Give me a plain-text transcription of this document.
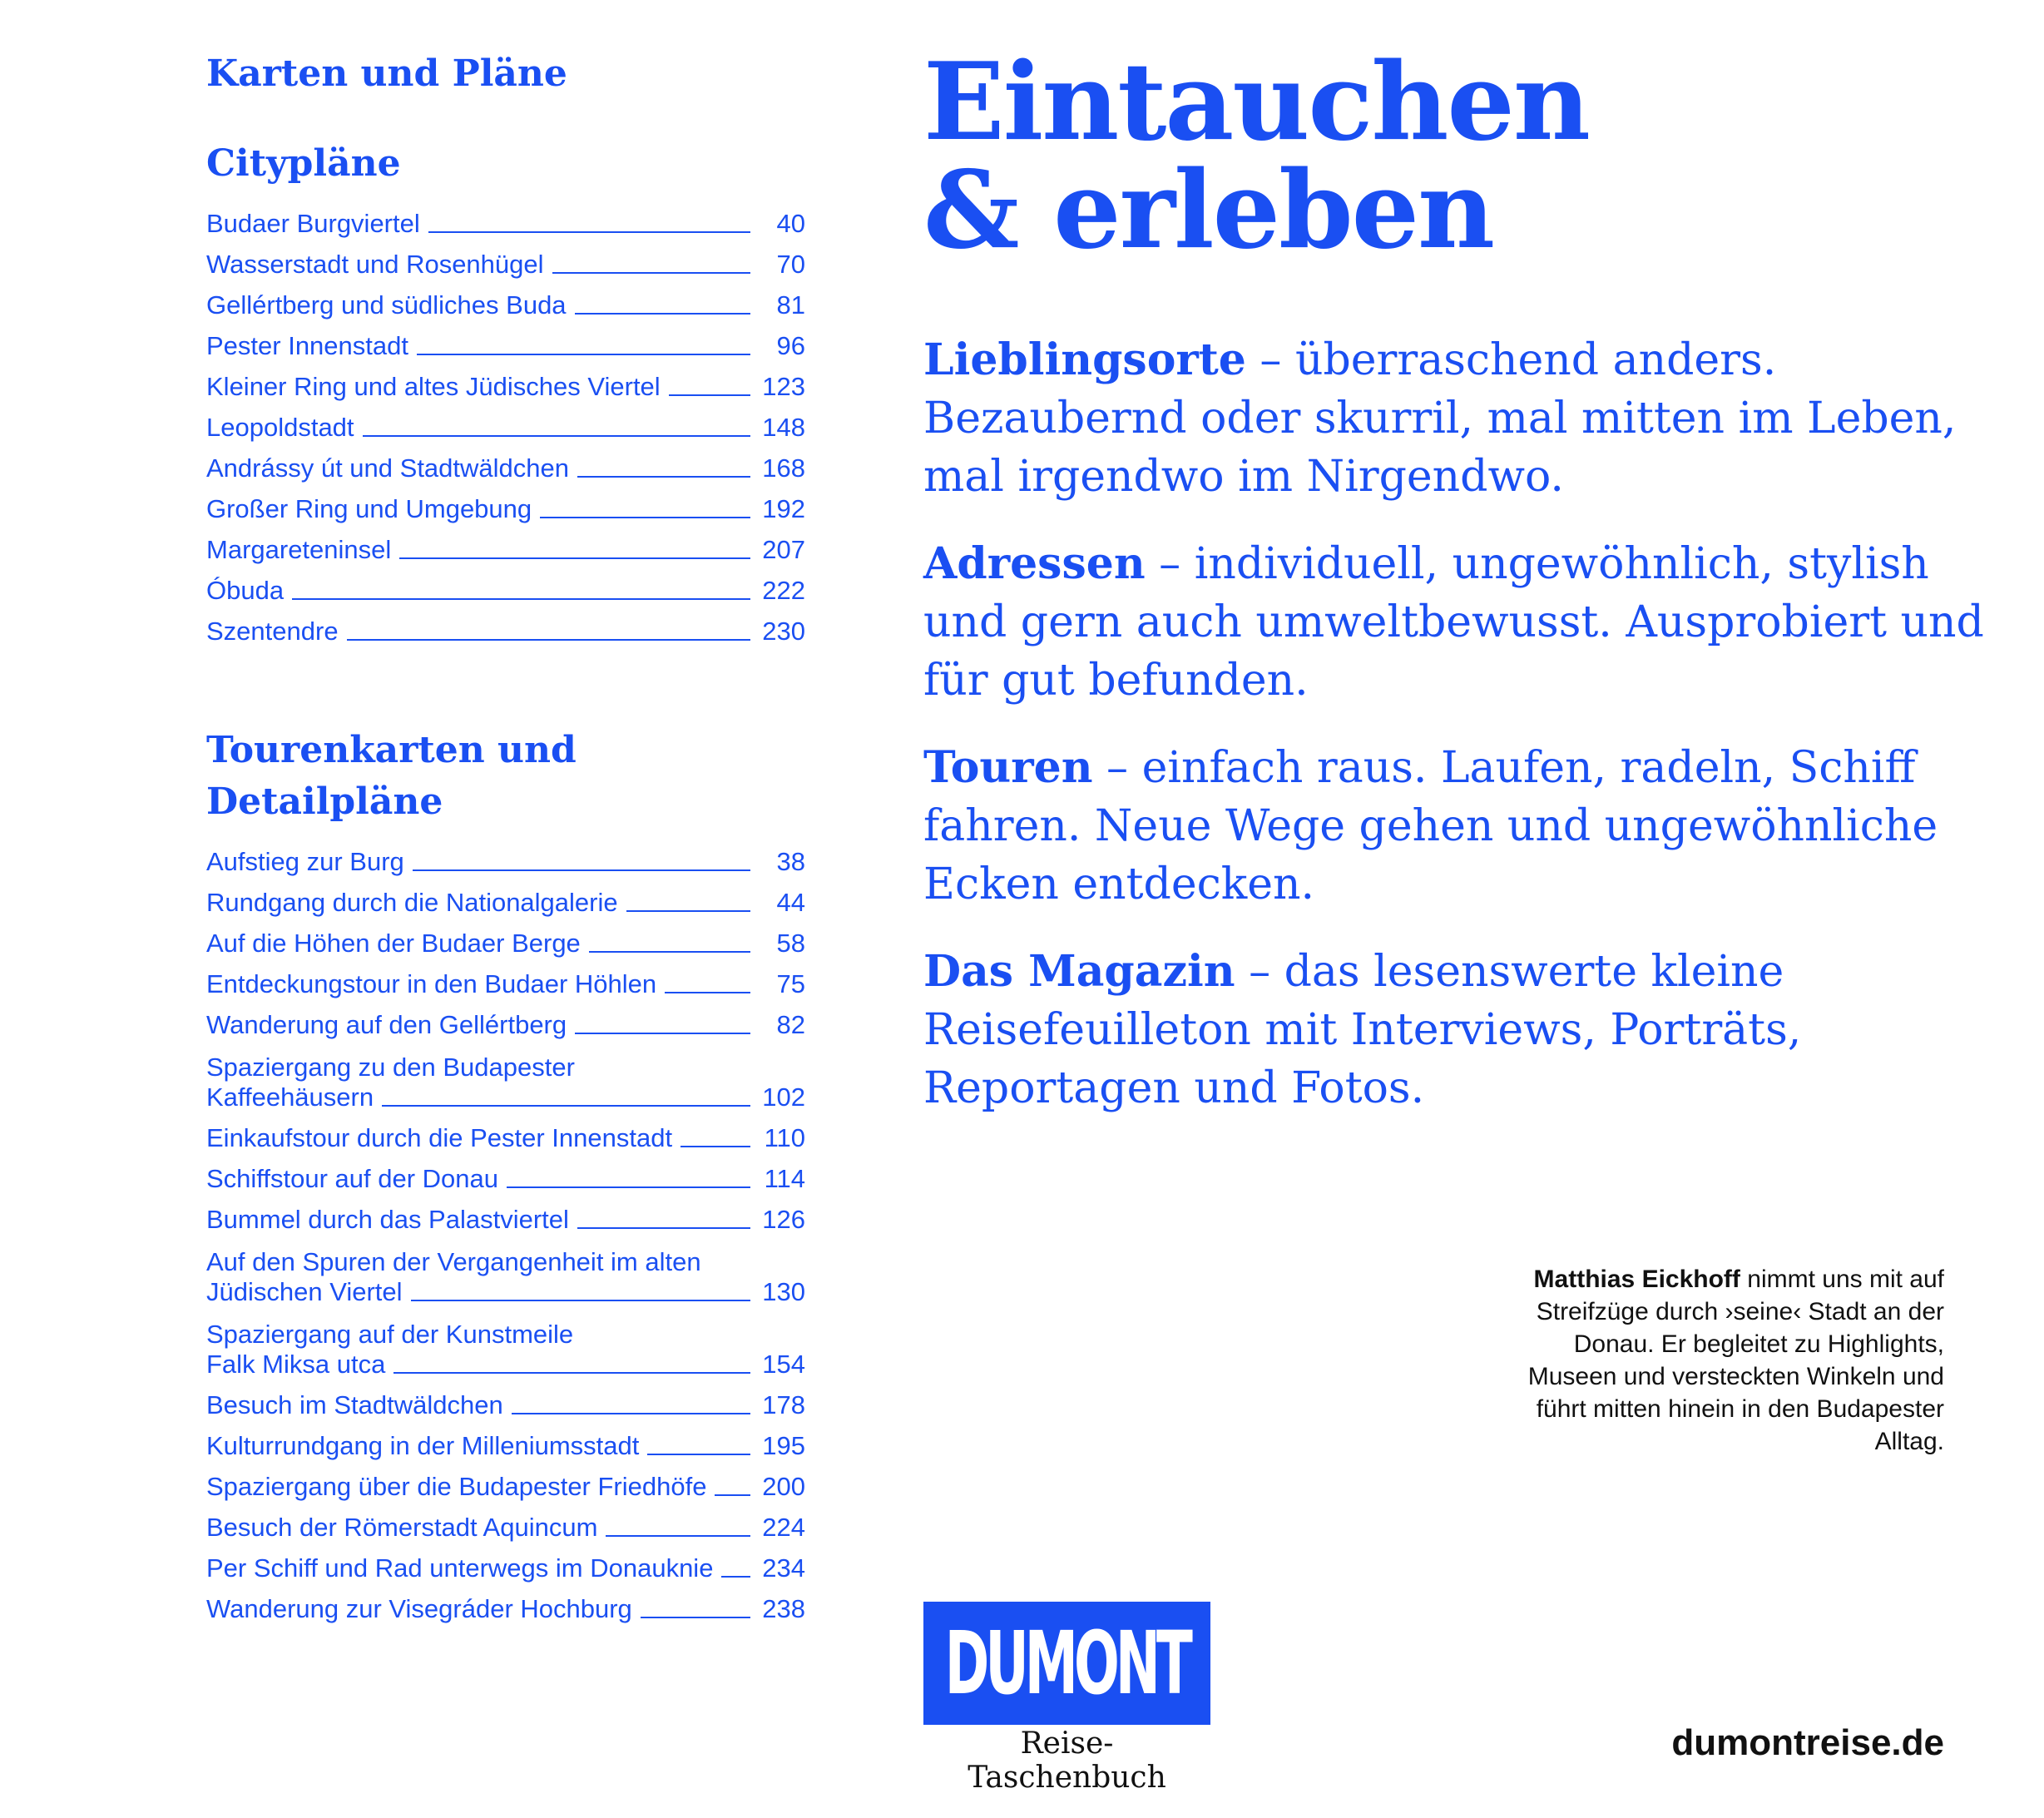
Karten und Pläne
Citypläne
Budaer Burgviertel	40
Wasserstadt und Rosenhügel	70
Gellértberg und südliches Buda	81
Pester Innenstadt	96
Kleiner Ring und altes Jüdisches Viertel	123
Leopoldstadt	148
Andrássy út und Stadtwäldchen	168
Großer Ring und Umgebung	192
Margareteninsel	207
Óbuda	222
Szentendre	230
Tourenkarten und Detailpläne
Aufstieg zur Burg	38
Rundgang durch die Nationalgalerie	44
Auf die Höhen der Budaer Berge	58
Entdeckungstour in den Budaer Höhlen	75
Wanderung auf den Gellértberg	82
Spaziergang zu den Budapester
Kaffeehäusern	102
Einkaufstour durch die Pester Innenstadt	110
Schiffstour auf der Donau	114
Bummel durch das Palastviertel	126
Auf den Spuren der Vergangenheit im alten
Jüdischen Viertel	130
Spaziergang auf der Kunstmeile
Falk Miksa utca	154
Besuch im Stadtwäldchen	178
Kulturrundgang in der Milleniumsstadt	195
Spaziergang über die Budapester Friedhöfe 200
Besuch der Römerstadt Aquincum	224
Per Schiff und Rad unterwegs im Donauknie 234
Wanderung zur Visegráder Hochburg	238
Eintauchen
& erleben

Lieblingsorte – überraschend anders. Bezaubernd oder skurril, mal mitten im Leben, mal irgendwo im Nirgendwo.

Adressen – individuell, ungewöhnlich, stylish und gern auch umweltbewusst. Ausprobiert und für gut befunden.

Touren – einfach raus. Laufen, radeln, Schiff fahren. Neue Wege gehen und ungewöhnliche Ecken entdecken.

Das Magazin – das lesenswerte kleine Reisefeuilleton mit Interviews, Porträts, Reportagen und Fotos.

Matthias Eickhoff nimmt uns mit auf Streifzüge durch ›seine‹ Stadt an der Donau. Er begleitet zu Highlights, Museen und versteckten Winkeln und führt mitten hinein in den Budapester Alltag.
DUMONT
Reise-Taschenbuch
dumontreise.de
